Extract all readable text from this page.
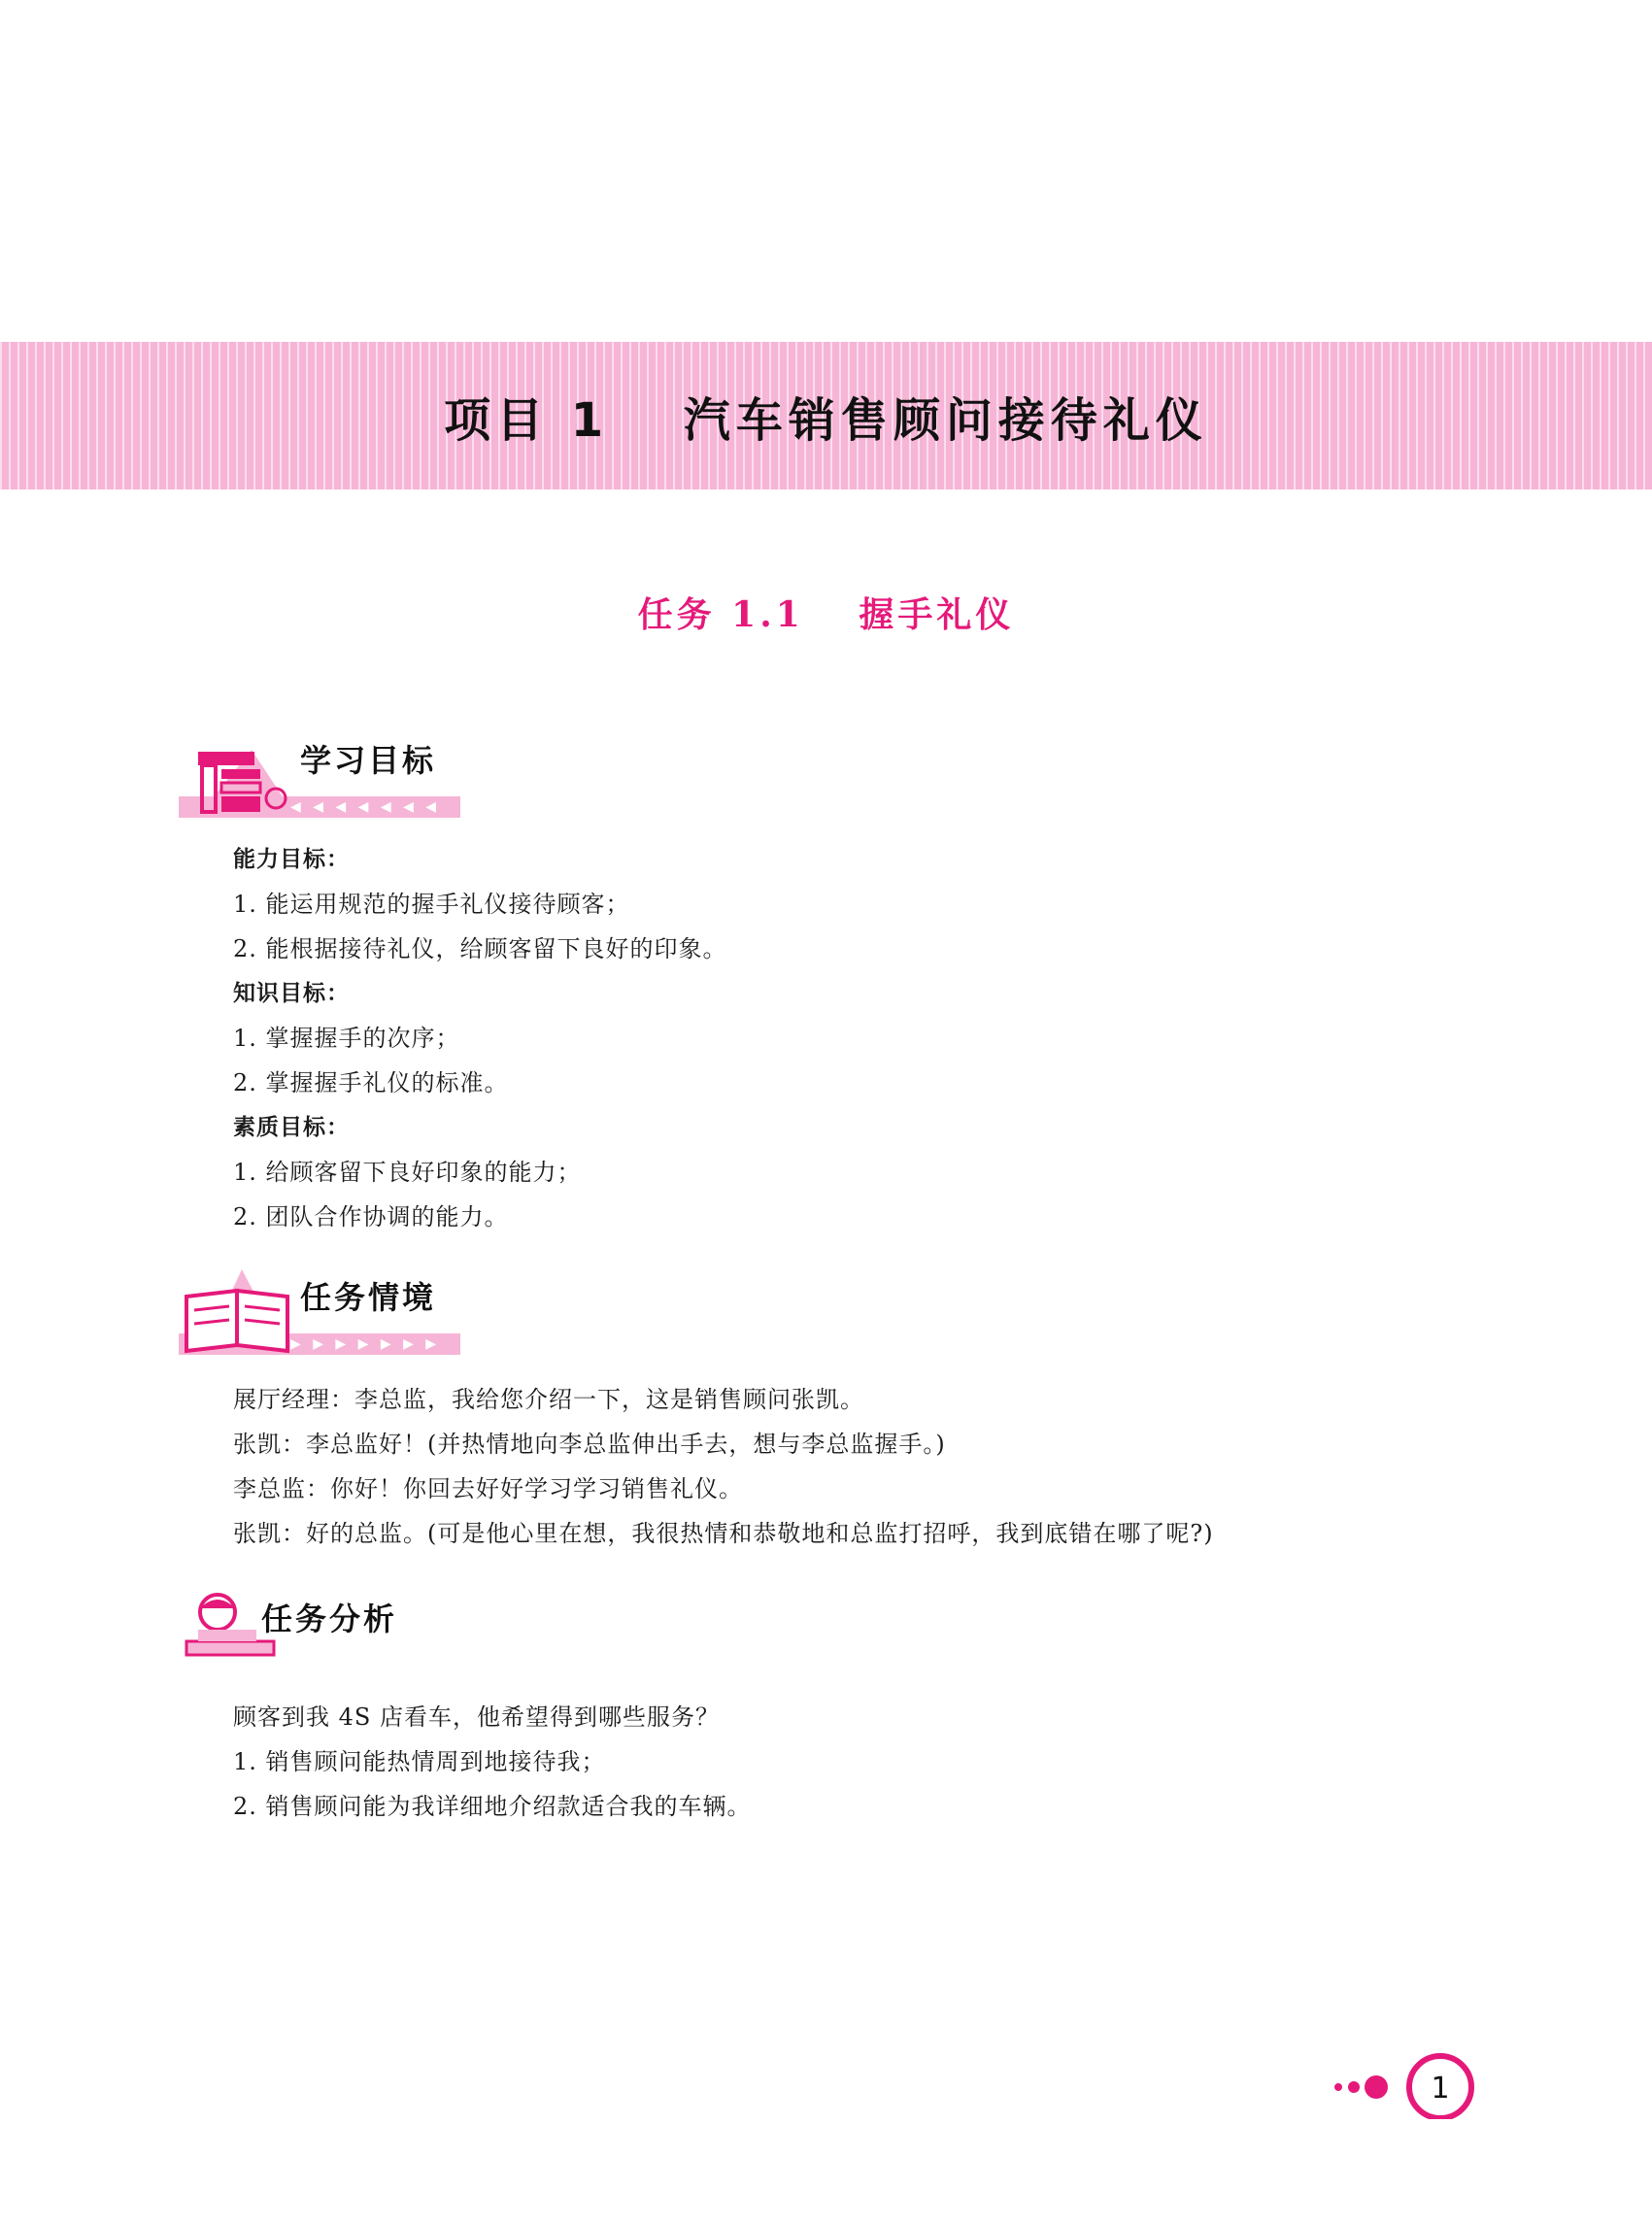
项目 1　 汽车销售顾问接待礼仪
任务 1.1　 握手礼仪
◀ ◀ ◀ ◀ ◀ ◀ ◀
学习目标

能力目标：

1. 能运用规范的握手礼仪接待顾客；

2. 能根据接待礼仪，给顾客留下良好的印象。

知识目标：

1. 掌握握手的次序；

2. 掌握握手礼仪的标准。

素质目标：

1. 给顾客留下良好印象的能力；

2. 团队合作协调的能力。

▶ ▶ ▶ ▶ ▶ ▶ ▶
任务情境

展厅经理：李总监，我给您介绍一下，这是销售顾问张凯。

张凯：李总监好！(并热情地向李总监伸出手去，想与李总监握手。)

李总监：你好！你回去好好学习学习销售礼仪。

张凯：好的总监。(可是他心里在想，我很热情和恭敬地和总监打招呼，我到底错在哪了呢?)

任务分析

顾客到我 4S 店看车，他希望得到哪些服务？

1. 销售顾问能热情周到地接待我；

2. 销售顾问能为我详细地介绍款适合我的车辆。

1
